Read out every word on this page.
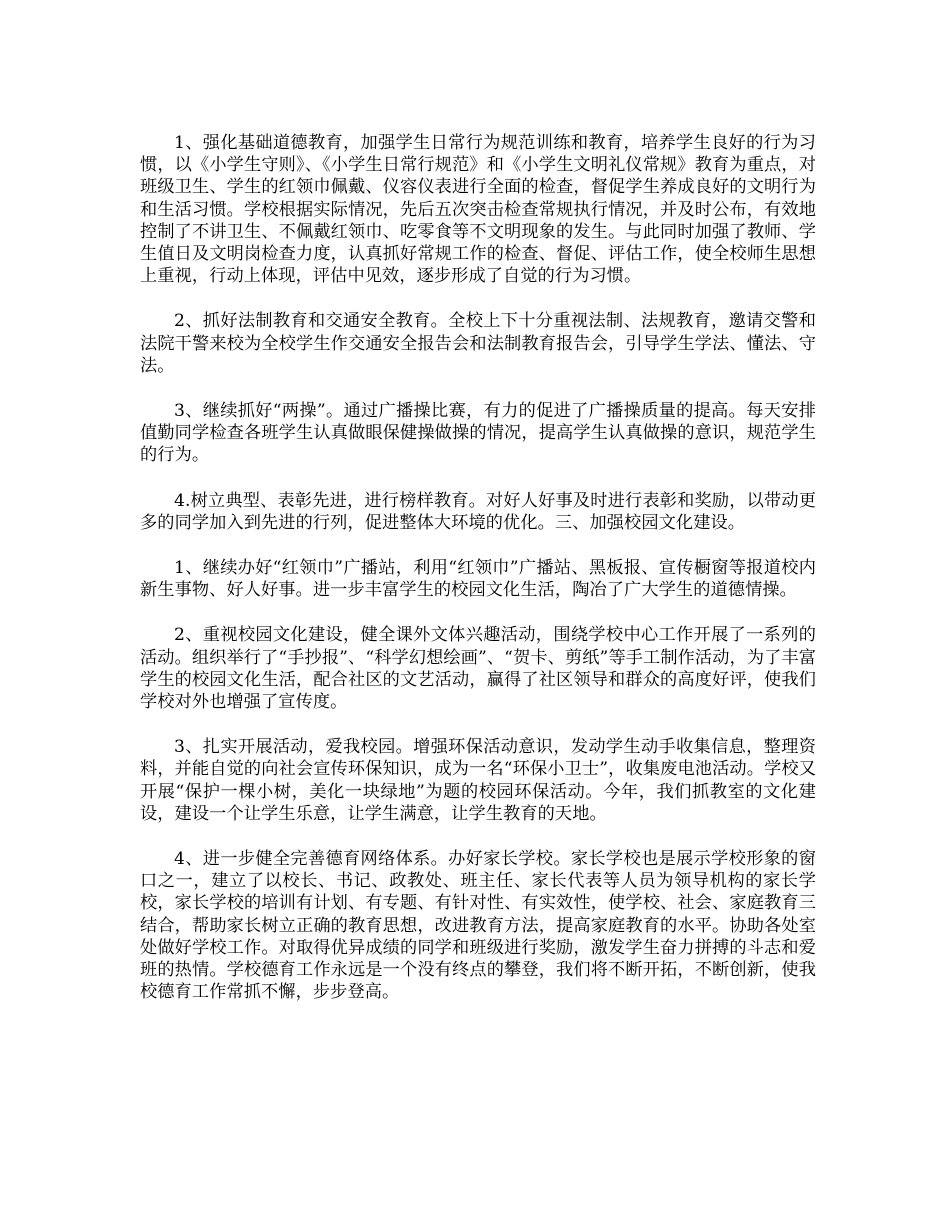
1、强化基础道德教育，加强学生日常行为规范训练和教育，培养学生良好的行为习惯，以《小学生守则》、《小学生日常行规范》和《小学生文明礼仪常规》教育为重点，对班级卫生、学生的红领巾佩戴、仪容仪表进行全面的检查，督促学生养成良好的文明行为和生活习惯。学校根据实际情况，先后五次突击检查常规执行情况，并及时公布，有效地控制了不讲卫生、不佩戴红领巾、吃零食等不文明现象的发生。与此同时加强了教师、学生值日及文明岗检查力度，认真抓好常规工作的检查、督促、评估工作，使全校师生思想上重视，行动上体现，评估中见效，逐步形成了自觉的行为习惯。

2、抓好法制教育和交通安全教育。全校上下十分重视法制、法规教育，邀请交警和法院干警来校为全校学生作交通安全报告会和法制教育报告会，引导学生学法、懂法、守法。

3、继续抓好“两操”。通过广播操比赛，有力的促进了广播操质量的提高。每天安排值勤同学检查各班学生认真做眼保健操做操的情况，提高学生认真做操的意识，规范学生的行为。

4.树立典型、表彰先进，进行榜样教育。对好人好事及时进行表彰和奖励，以带动更多的同学加入到先进的行列，促进整体大环境的优化。三、加强校园文化建设。

1、继续办好“红领巾”广播站，利用“红领巾”广播站、黑板报、宣传橱窗等报道校内新生事物、好人好事。进一步丰富学生的校园文化生活，陶冶了广大学生的道德情操。

2、重视校园文化建设，健全课外文体兴趣活动，围绕学校中心工作开展了一系列的活动。组织举行了“手抄报”、“科学幻想绘画”、“贺卡、剪纸”等手工制作活动，为了丰富学生的校园文化生活，配合社区的文艺活动，赢得了社区领导和群众的高度好评，使我们学校对外也增强了宣传度。

3、扎实开展活动，爱我校园。增强环保活动意识，发动学生动手收集信息，整理资料，并能自觉的向社会宣传环保知识，成为一名“环保小卫士”，收集废电池活动。学校又开展“保护一棵小树，美化一块绿地”为题的校园环保活动。今年，我们抓教室的文化建设，建设一个让学生乐意，让学生满意，让学生教育的天地。

4、进一步健全完善德育网络体系。办好家长学校。家长学校也是展示学校形象的窗口之一，建立了以校长、书记、政教处、班主任、家长代表等人员为领导机构的家长学校，家长学校的培训有计划、有专题、有针对性、有实效性，使学校、社会、家庭教育三结合，帮助家长树立正确的教育思想，改进教育方法，提高家庭教育的水平。协助各处室处做好学校工作。对取得优异成绩的同学和班级进行奖励，激发学生奋力拼搏的斗志和爱班的热情。学校德育工作永远是一个没有终点的攀登，我们将不断开拓，不断创新，使我校德育工作常抓不懈，步步登高。
